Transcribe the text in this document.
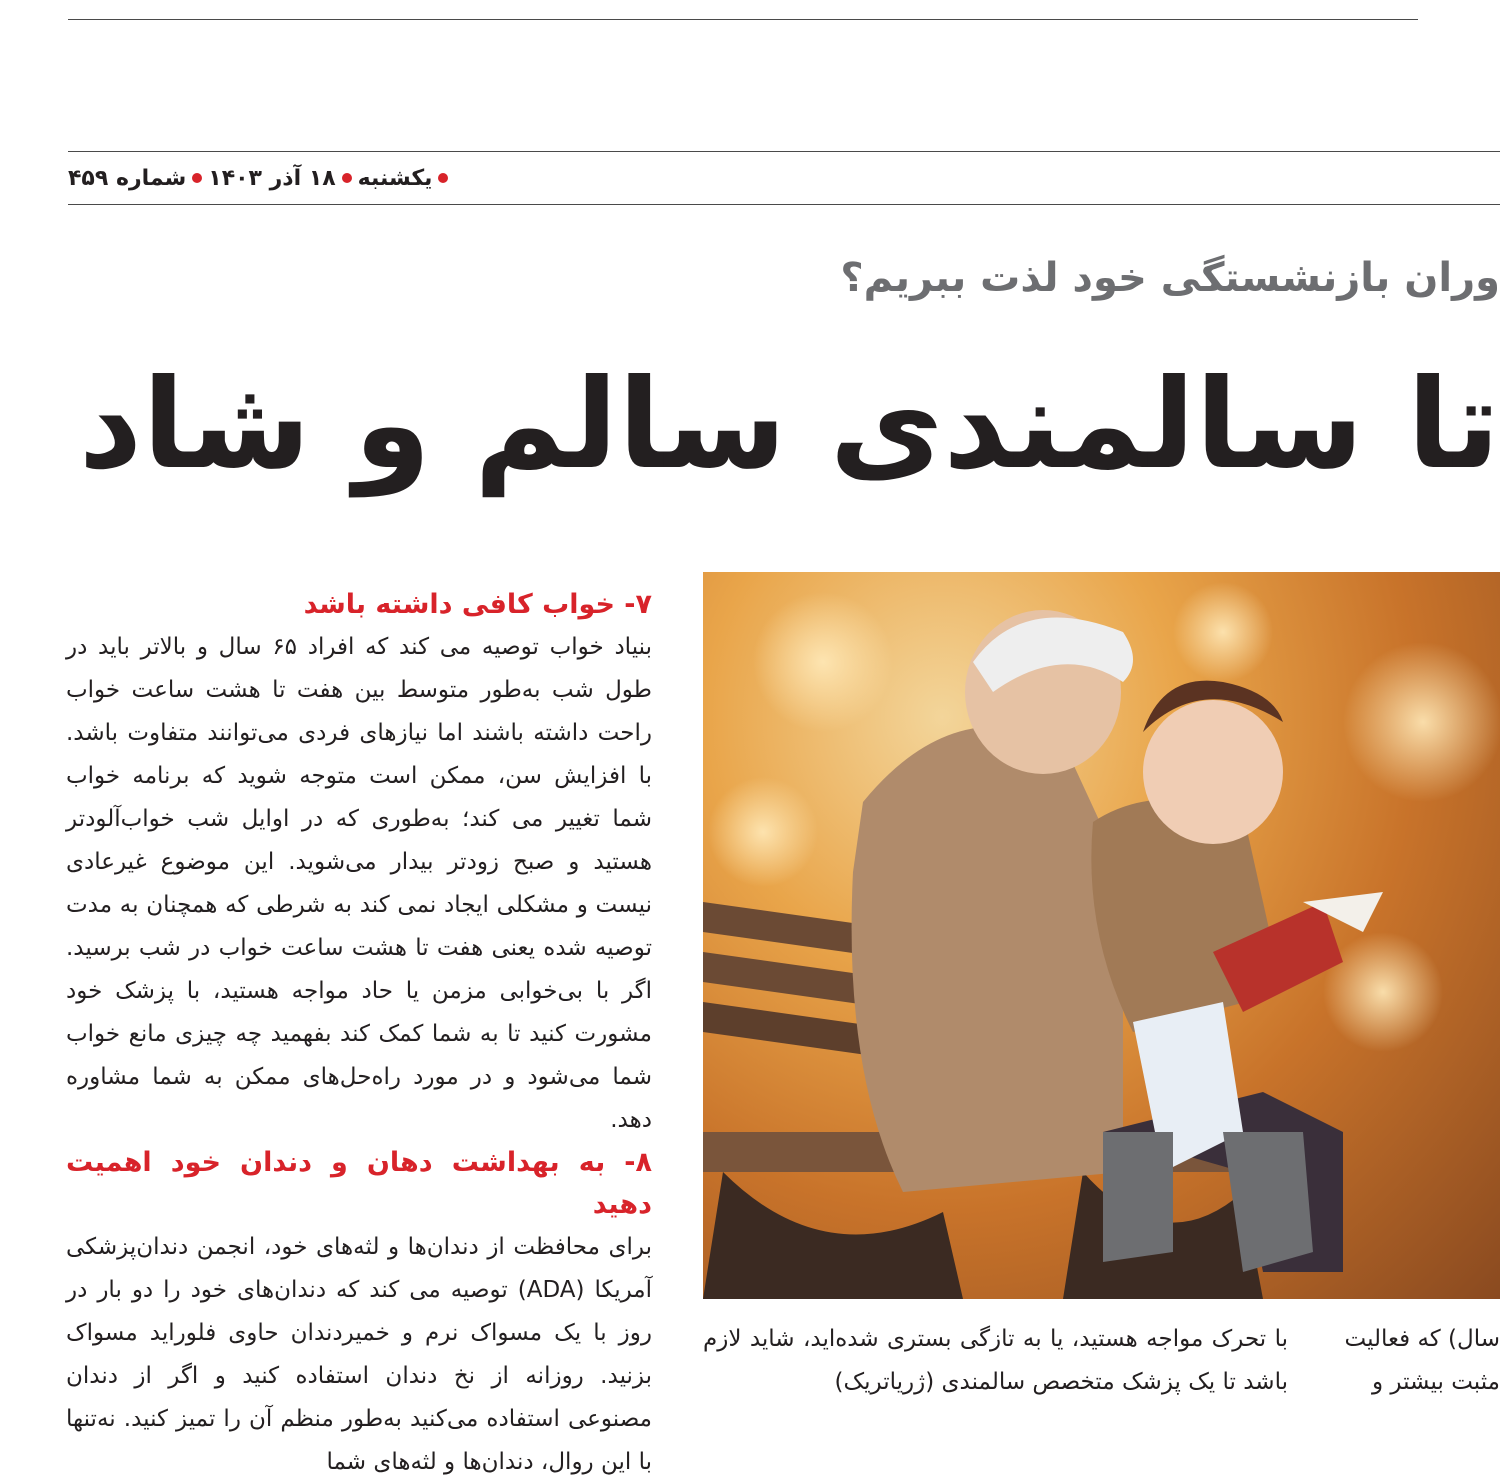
یکشنبه
۱۸ آذر ۱۴۰۳
شماره ۴۵۹
وران بازنشستگی خود لذت ببریم؟
تا سالمندی سالم و شاد
۷- خواب کافی داشته باشد

بنیاد خواب توصیه می کند که افراد ۶۵ سال و بالاتر باید در طول شب به‌طور متوسط بین هفت تا هشت ساعت خواب راحت داشته باشند اما نیازهای فردی می‌توانند متفاوت باشد. با افزایش سن، ممکن است متوجه شوید که برنامه خواب شما تغییر می کند؛ به‌طوری که در اوایل شب خواب‌آلودتر هستید و صبح زودتر بیدار می‌شوید. این موضوع غیرعادی نیست و مشکلی ایجاد نمی کند به شرطی که همچنان به مدت توصیه شده یعنی هفت تا هشت ساعت خواب در شب برسید. اگر با بی‌خوابی مزمن یا حاد مواجه هستید، با پزشک خود مشورت کنید تا به شما کمک کند بفهمید چه چیزی مانع خواب شما می‌شود و در مورد راه‌حل‌های ممکن به شما مشاوره دهد.

۸- به بهداشت دهان و دندان خود اهمیت دهید

برای محافظت از دندان‌ها و لثه‌های خود، انجمن دندان‌پزشکی آمریکا (ADA) توصیه می کند که دندان‌های خود را دو بار در روز با یک مسواک نرم و خمیردندان حاوی فلوراید مسواک بزنید. روزانه از نخ دندان استفاده کنید و اگر از دندان مصنوعی استفاده می‌کنید به‌طور منظم آن را تمیز کنید. نه‌تنها با این روال، دندان‌ها و لثه‌های شما

با تحرک مواجه هستید، یا به تازگی بستری شده‌اید، شاید لازم باشد تا یک پزشک متخصص سالمندی (ژریاتریک)

سال) که فعالیت مثبت بیشتر و
